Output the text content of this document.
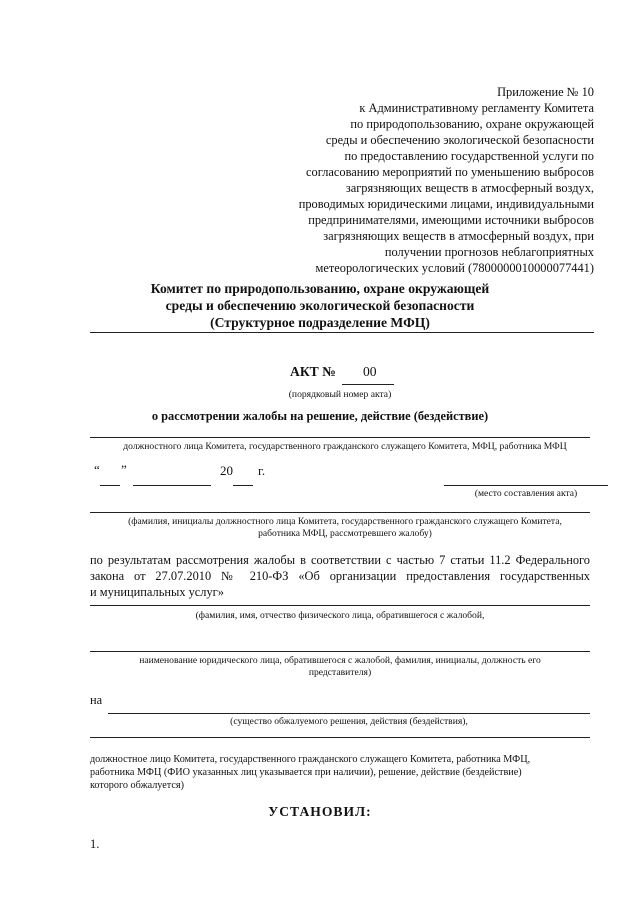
Приложение № 10
к Административному регламенту Комитета
по природопользованию, охране окружающей
среды и обеспечению экологической безопасности
по предоставлению государственной услуги по
согласованию мероприятий по уменьшению выбросов
загрязняющих веществ в атмосферный воздух,
проводимых юридическими лицами, индивидуальными
предпринимателями, имеющими источники выбросов
загрязняющих веществ в атмосферный воздух, при
получении прогнозов неблагоприятных
метеорологических условий (7800000010000077441)
Комитет по природопользованию, охране окружающей
среды и обеспечению экологической безопасности
(Структурное подразделение МФЦ)
АКТ № 00
(порядковый номер акта)
о рассмотрении жалобы на решение, действие (бездействие)
должностного лица Комитета, государственного гражданского служащего Комитета, МФЦ, работника МФЦ
“ ”	20 г.
(место составления акта)
(фамилия, инициалы должностного лица Комитета, государственного гражданского служащего Комитета,
работника МФЦ, рассмотревшего жалобу)
по результатам рассмотрения жалобы в соответствии с частью 7 статьи 11.2 Федерального
закона от 27.07.2010 № 210-ФЗ «Об организации предоставления государственных
и муниципальных услуг»
(фамилия, имя, отчество физического лица, обратившегося с жалобой,
наименование юридического лица, обратившегося с жалобой, фамилия, инициалы, должность его
представителя)
на
(существо обжалуемого решения, действия (бездействия),
должностное лицо Комитета, государственного гражданского служащего Комитета, работника МФЦ,
работника МФЦ (ФИО указанных лиц указывается при наличии), решение, действие (бездействие)
которого обжалуется)
УСТАНОВИЛ:
1.
